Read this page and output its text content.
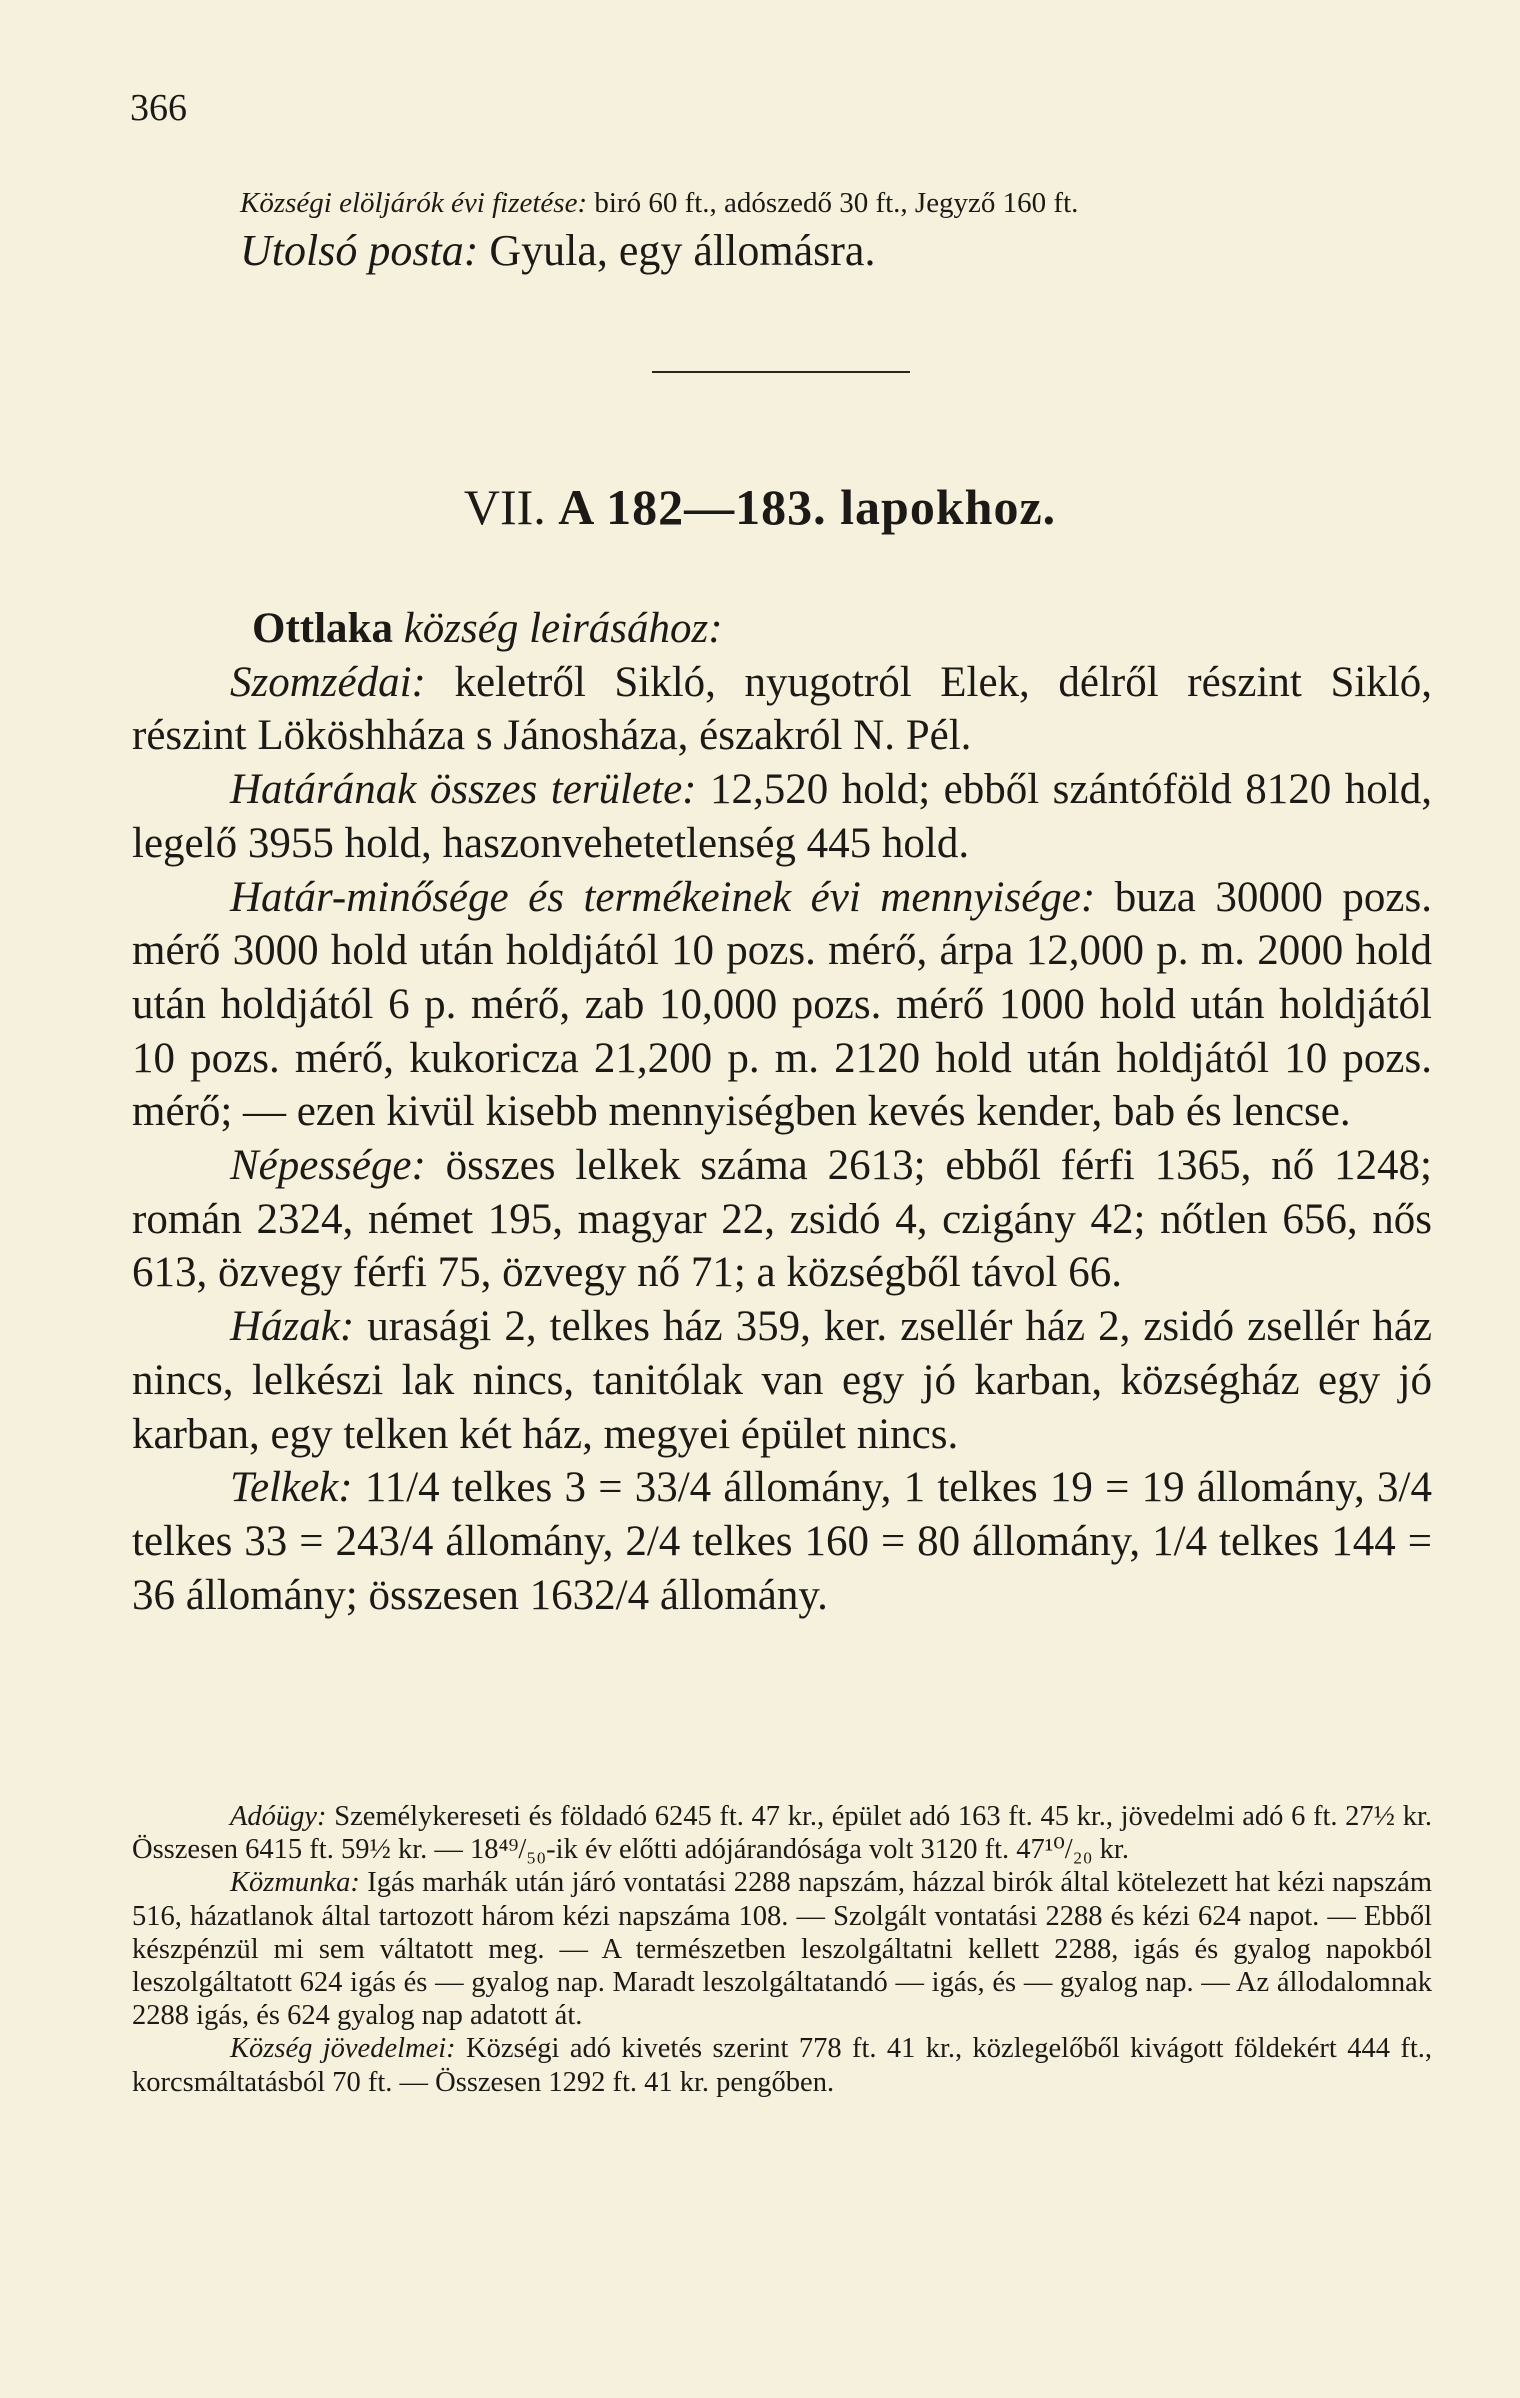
366
Községi elöljárók évi fizetése: biró 60 ft., adószedő 30 ft., Jegyző 160 ft.
Utolsó posta: Gyula, egy állomásra.
VII. A 182—183. lapokhoz.

Ottlaka község leirásához:

Szomzédai: keletről Sikló, nyugotról Elek, délről részint Sikló, részint Lököshháza s Jánosháza, északról N. Pél.

Határának összes területe: 12,520 hold; ebből szántóföld 8120 hold, legelő 3955 hold, haszonvehetetlenség 445 hold.

Határ-minősége és termékeinek évi mennyisége: buza 30000 pozs. mérő 3000 hold után holdjától 10 pozs. mérő, árpa 12,000 p. m. 2000 hold után holdjától 6 p. mérő, zab 10,000 pozs. mérő 1000 hold után holdjától 10 pozs. mérő, kukoricza 21,200 p. m. 2120 hold után holdjától 10 pozs. mérő; — ezen kivül kisebb mennyiségben kevés kender, bab és lencse.

Népessége: összes lelkek száma 2613; ebből férfi 1365, nő 1248; román 2324, német 195, magyar 22, zsidó 4, czigány 42; nőtlen 656, nős 613, özvegy férfi 75, özvegy nő 71; a községből távol 66.

Házak: urasági 2, telkes ház 359, ker. zsellér ház 2, zsidó zsellér ház nincs, lelkészi lak nincs, tanitólak van egy jó karban, községház egy jó karban, egy telken két ház, megyei épület nincs.

Telkek: 11/4 telkes 3 = 33/4 állomány, 1 telkes 19 = 19 állomány, 3/4 telkes 33 = 243/4 állomány, 2/4 telkes 160 = 80 állomány, 1/4 telkes 144 = 36 állomány; összesen 1632/4 állomány.

Adóügy: Személykereseti és földadó 6245 ft. 47 kr., épület adó 163 ft. 45 kr., jövedelmi adó 6 ft. 27½ kr. Összesen 6415 ft. 59½ kr. — 18⁴⁹/₅₀-ik év előtti adójárandósága volt 3120 ft. 47¹⁰/₂₀ kr.

Közmunka: Igás marhák után járó vontatási 2288 napszám, házzal birók által kötelezett hat kézi napszám 516, házatlanok által tartozott három kézi napszáma 108. — Szolgált vontatási 2288 és kézi 624 napot. — Ebből készpénzül mi sem váltatott meg. — A természetben leszolgáltatni kellett 2288, igás és gyalog napokból leszolgáltatott 624 igás és — gyalog nap. Maradt leszolgáltatandó — igás, és — gyalog nap. — Az állodalomnak 2288 igás, és 624 gyalog nap adatott át.

Község jövedelmei: Községi adó kivetés szerint 778 ft. 41 kr., közlegelőből kivágott földekért 444 ft., korcsmáltatásból 70 ft. — Összesen 1292 ft. 41 kr. pengőben.
